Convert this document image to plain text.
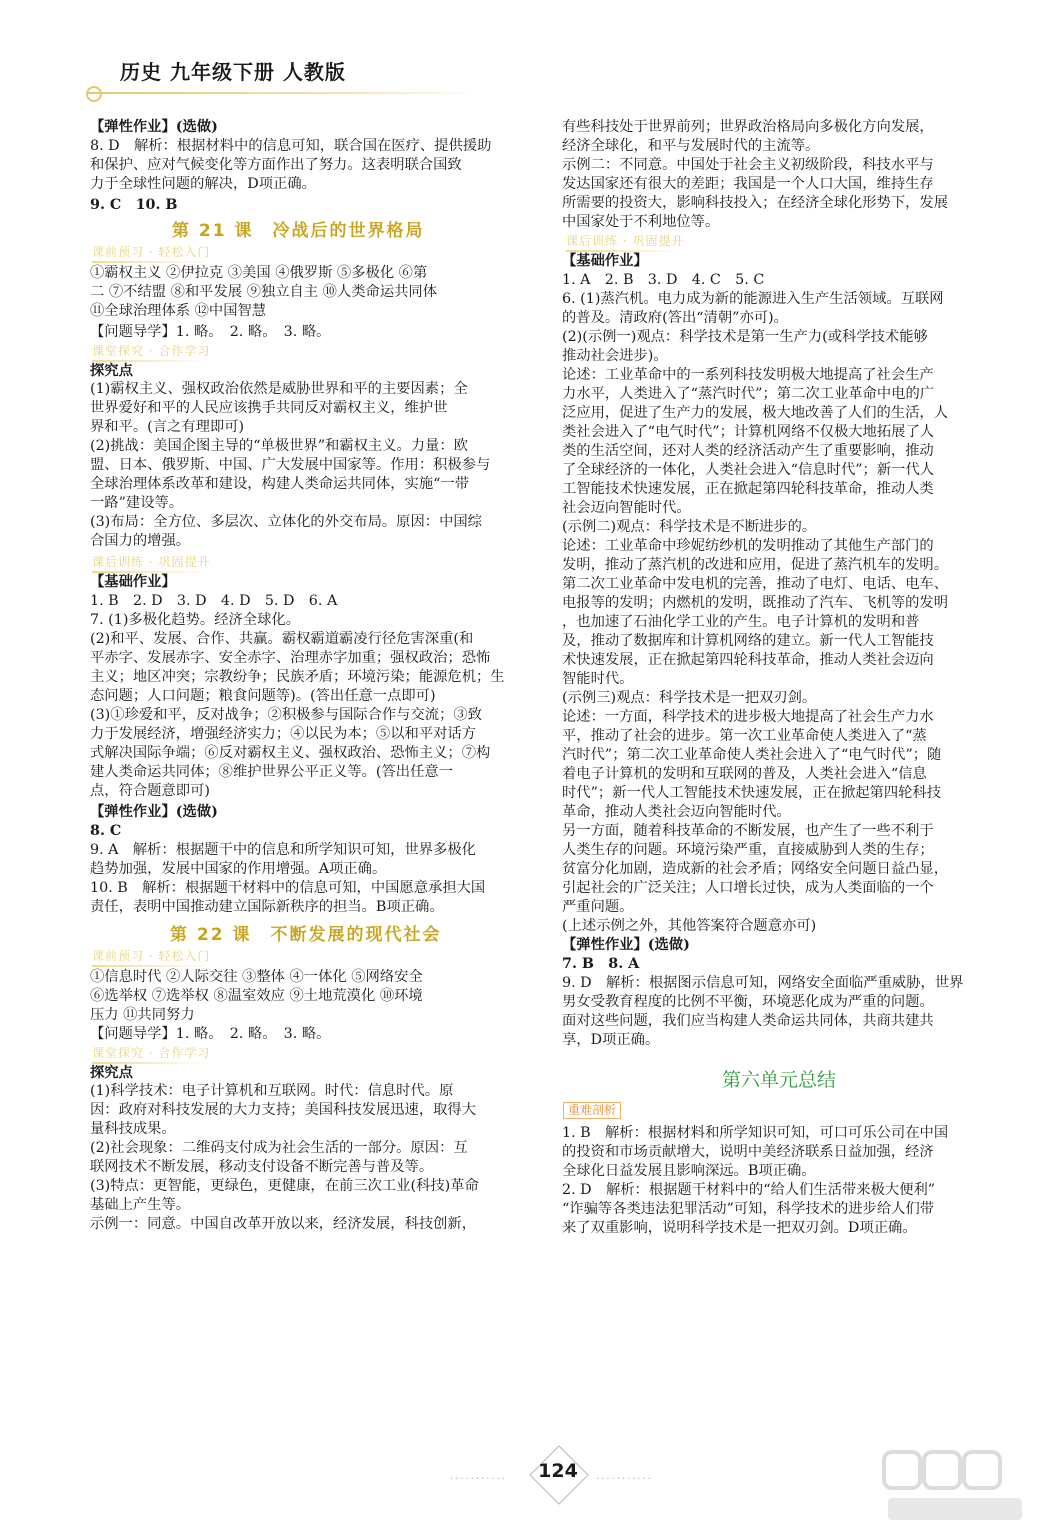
历史 九年级下册 人教版
【弹性作业】(选做)
8. D　解析：根据材料中的信息可知，联合国在医疗、提供援助
和保护、应对气候变化等方面作出了努力。这表明联合国致
力于全球性问题的解决，D项正确。
9. C　10. B
①霸权主义 ②伊拉克 ③美国 ④俄罗斯 ⑤多极化 ⑥第
二 ⑦不结盟 ⑧和平发展 ⑨独立自主 ⑩人类命运共同体
⑪全球治理体系 ⑫中国智慧
【问题导学】1. 略。　2. 略。　3. 略。
探究点
(1)霸权主义、强权政治依然是威胁世界和平的主要因素；全
世界爱好和平的人民应该携手共同反对霸权主义，维护世
界和平。(言之有理即可)
(2)挑战：美国企图主导的“单极世界”和霸权主义。力量：欧
盟、日本、俄罗斯、中国、广大发展中国家等。作用：积极参与
全球治理体系改革和建设，构建人类命运共同体，实施“一带
一路”建设等。
(3)布局：全方位、多层次、立体化的外交布局。原因：中国综
合国力的增强。
【基础作业】
1. B　2. D　3. D　4. D　5. D　6. A
7. (1)多极化趋势。经济全球化。
(2)和平、发展、合作、共赢。霸权霸道霸凌行径危害深重(和
平赤字、发展赤字、安全赤字、治理赤字加重；强权政治；恐怖
主义；地区冲突；宗教纷争；民族矛盾；环境污染；能源危机；生
态问题；人口问题；粮食问题等)。(答出任意一点即可)
(3)①珍爱和平，反对战争；②积极参与国际合作与交流；③致
力于发展经济，增强经济实力；④以民为本；⑤以和平对话方
式解决国际争端；⑥反对霸权主义、强权政治、恐怖主义；⑦构
建人类命运共同体；⑧维护世界公平正义等。(答出任意一
点，符合题意即可)
【弹性作业】(选做)
8. C
9. A　解析：根据题干中的信息和所学知识可知，世界多极化
趋势加强，发展中国家的作用增强。A项正确。
10. B　解析：根据题干材料中的信息可知，中国愿意承担大国
责任，表明中国推动建立国际新秩序的担当。B项正确。
①信息时代 ②人际交往 ③整体 ④一体化 ⑤网络安全
⑥选举权 ⑦选举权 ⑧温室效应 ⑨土地荒漠化 ⑩环境
压力 ⑪共同努力
【问题导学】1. 略。　2. 略。　3. 略。
探究点
(1)科学技术：电子计算机和互联网。时代：信息时代。原
因：政府对科技发展的大力支持；美国科技发展迅速，取得大
量科技成果。
(2)社会现象：二维码支付成为社会生活的一部分。原因：互
联网技术不断发展，移动支付设备不断完善与普及等。
(3)特点：更智能，更绿色，更健康，在前三次工业(科技)革命
基础上产生等。
示例一：同意。中国自改革开放以来，经济发展，科技创新，
有些科技处于世界前列；世界政治格局向多极化方向发展，
经济全球化，和平与发展时代的主流等。
示例二：不同意。中国处于社会主义初级阶段，科技水平与
发达国家还有很大的差距；我国是一个人口大国，维持生存
所需要的投资大，影响科技投入；在经济全球化形势下，发展
中国家处于不利地位等。
【基础作业】
1. A　2. B　3. D　4. C　5. C
6. (1)蒸汽机。电力成为新的能源进入生产生活领域。互联网
的普及。清政府(答出“清朝”亦可)。
(2)(示例一)观点：科学技术是第一生产力(或科学技术能够
推动社会进步)。
论述：工业革命中的一系列科技发明极大地提高了社会生产
力水平，人类进入了“蒸汽时代”；第二次工业革命中电的广
泛应用，促进了生产力的发展，极大地改善了人们的生活，人
类社会进入了“电气时代”；计算机网络不仅极大地拓展了人
类的生活空间，还对人类的经济活动产生了重要影响，推动
了全球经济的一体化，人类社会进入“信息时代”；新一代人
工智能技术快速发展，正在掀起第四轮科技革命，推动人类
社会迈向智能时代。
(示例二)观点：科学技术是不断进步的。
论述：工业革命中珍妮纺纱机的发明推动了其他生产部门的
发明，推动了蒸汽机的改进和应用，促进了蒸汽机车的发明。
第二次工业革命中发电机的完善，推动了电灯、电话、电车、
电报等的发明；内燃机的发明，既推动了汽车、飞机等的发明
，也加速了石油化学工业的产生。电子计算机的发明和普
及，推动了数据库和计算机网络的建立。新一代人工智能技
术快速发展，正在掀起第四轮科技革命，推动人类社会迈向
智能时代。
(示例三)观点：科学技术是一把双刃剑。
论述：一方面，科学技术的进步极大地提高了社会生产力水
平，推动了社会的进步。第一次工业革命使人类进入了“蒸
汽时代”；第二次工业革命使人类社会进入了“电气时代”；随
着电子计算机的发明和互联网的普及，人类社会进入“信息
时代”；新一代人工智能技术快速发展，正在掀起第四轮科技
革命，推动人类社会迈向智能时代。
另一方面，随着科技革命的不断发展，也产生了一些不利于
人类生存的问题。环境污染严重，直接威胁到人类的生存；
贫富分化加剧，造成新的社会矛盾；网络安全问题日益凸显，
引起社会的广泛关注；人口增长过快，成为人类面临的一个
严重问题。
(上述示例之外，其他答案符合题意亦可)
【弹性作业】(选做)
7. B　8. A
9. D　解析：根据图示信息可知，网络安全面临严重威胁，世界
男女受教育程度的比例不平衡，环境恶化成为严重的问题。
面对这些问题，我们应当构建人类命运共同体，共商共建共
享，D项正确。
1. B　解析：根据材料和所学知识可知，可口可乐公司在中国
的投资和市场贡献增大，说明中美经济联系日益加强，经济
全球化日益发展且影响深远。B项正确。
2. D　解析：根据题干材料中的“给人们生活带来极大便利”
“诈骗等各类违法犯罪活动”可知，科学技术的进步给人们带
来了双重影响，说明科学技术是一把双刃剑。D项正确。
第 21 课　冷战后的世界格局
第 22 课　不断发展的现代社会
课前预习 · 轻松入门
课堂探究 · 合作学习
课后训练 · 巩固提升
课前预习 · 轻松入门
课堂探究 · 合作学习
课后训练 · 巩固提升
第六单元总结
重难剖析
···········	124	···········
